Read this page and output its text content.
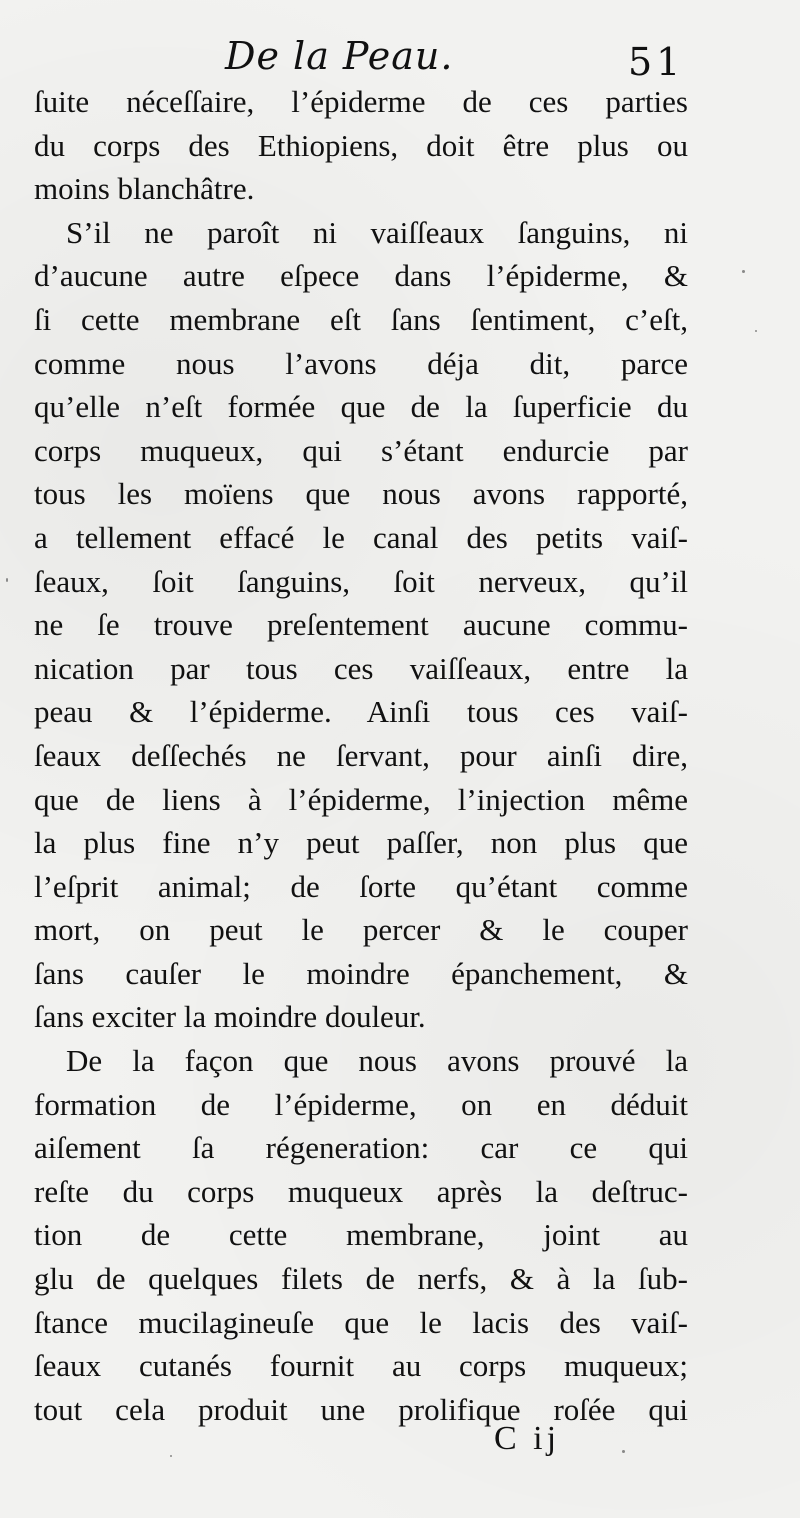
De la Peau.	51
ſuite néceſſaire, l’épiderme de ces parties
du corps des Ethiopiens, doit être plus ou
moins blanchâtre.
S’il ne paroît ni vaiſſeaux ſanguins, ni
d’aucune autre eſpece dans l’épiderme, &
ſi cette membrane eſt ſans ſentiment, c’eſt,
comme nous l’avons déja dit, parce
qu’elle n’eſt formée que de la ſuperficie du
corps muqueux, qui s’étant endurcie par
tous les moïens que nous avons rapporté,
a tellement effacé le canal des petits vaiſ-
ſeaux, ſoit ſanguins, ſoit nerveux, qu’il
ne ſe trouve preſentement aucune commu-
nication par tous ces vaiſſeaux, entre la
peau & l’épiderme. Ainſi tous ces vaiſ-
ſeaux deſſechés ne ſervant, pour ainſi dire,
que de liens à l’épiderme, l’injection même
la plus fine n’y peut paſſer, non plus que
l’eſprit animal; de ſorte qu’étant comme
mort, on peut le percer & le couper
ſans cauſer le moindre épanchement, &
ſans exciter la moindre douleur.
De la façon que nous avons prouvé la
formation de l’épiderme, on en déduit
aiſement ſa régeneration: car ce qui
reſte du corps muqueux après la deſtruc-
tion de cette membrane, joint au
glu de quelques filets de nerfs, & à la ſub-
ſtance mucilagineuſe que le lacis des vaiſ-
ſeaux cutanés fournit au corps muqueux;
tout cela produit une prolifique roſée qui
C ij
